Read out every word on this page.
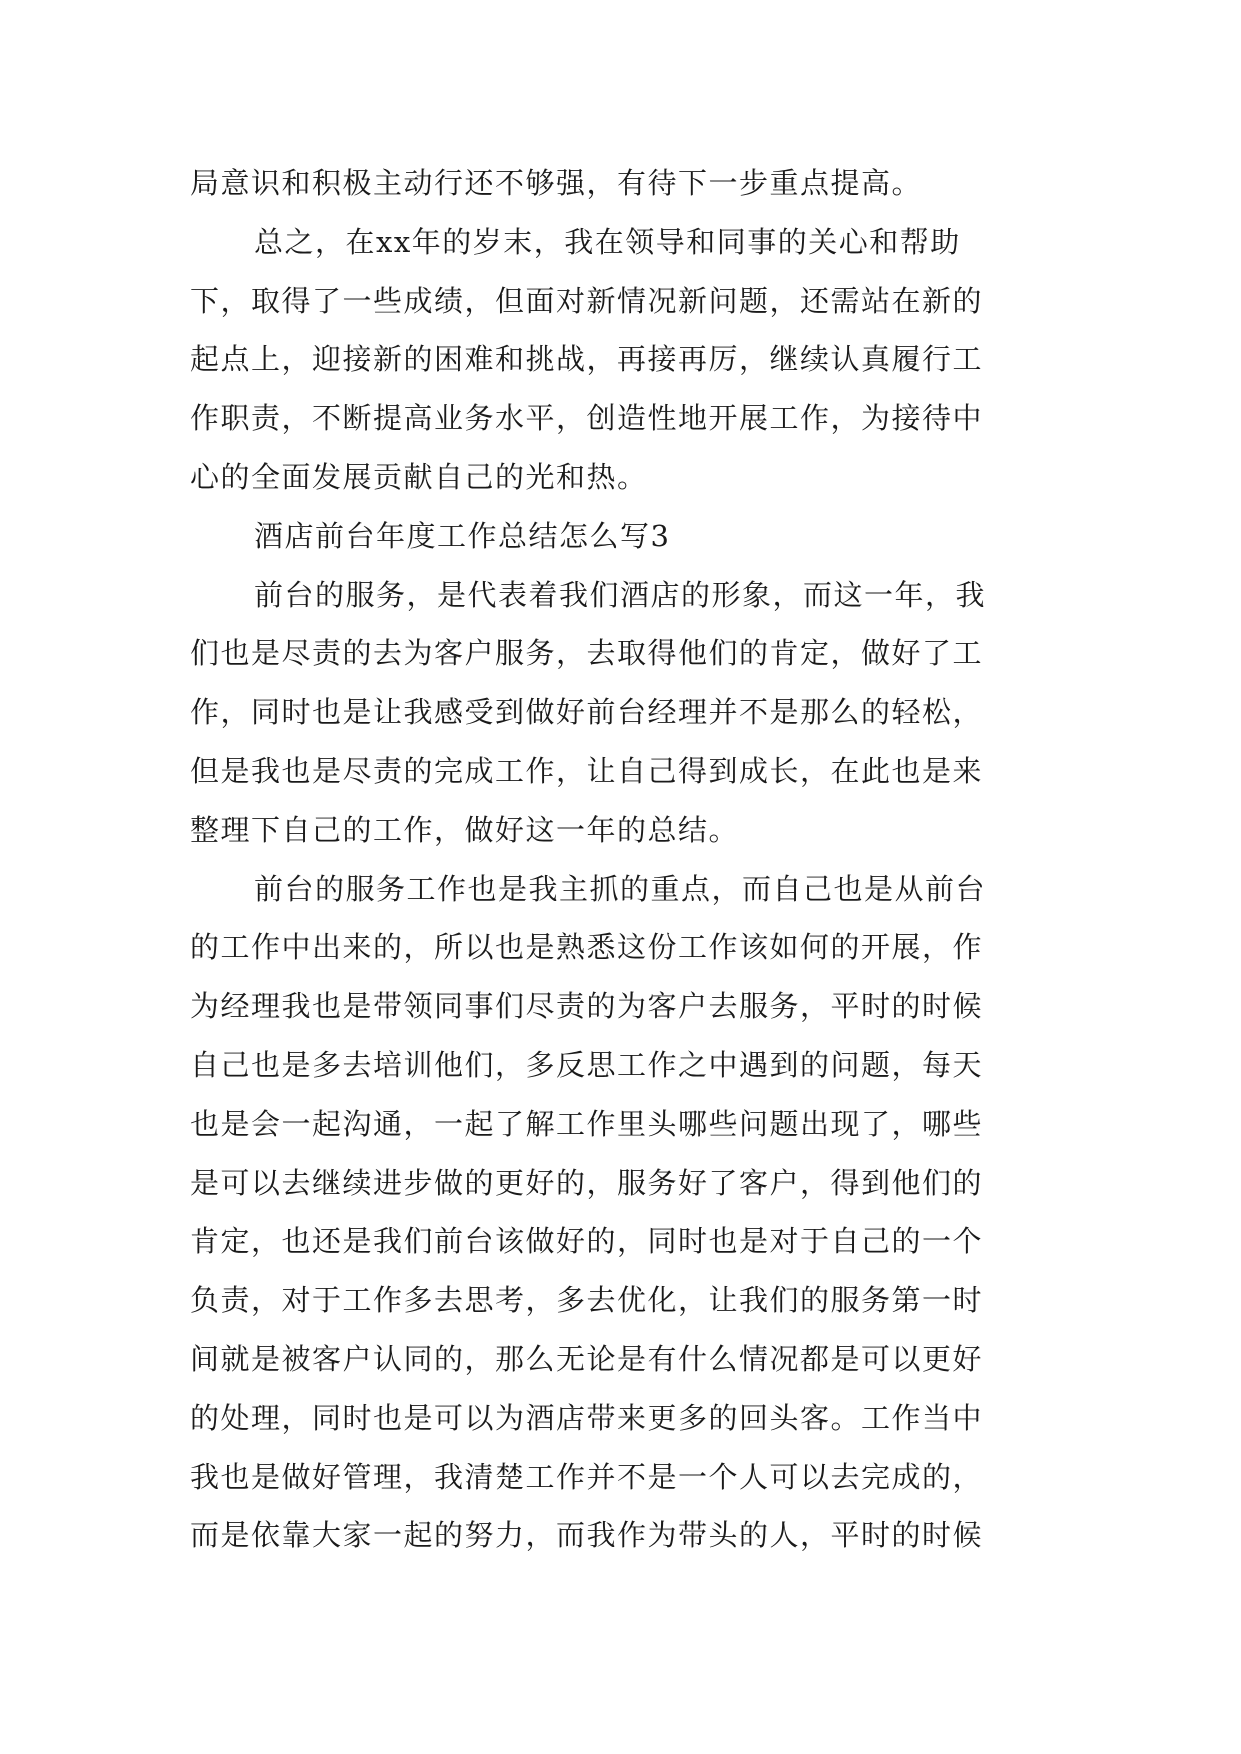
局意识和积极主动行还不够强，有待下一步重点提高。
总之，在xx年的岁末，我在领导和同事的关心和帮助
下，取得了一些成绩，但面对新情况新问题，还需站在新的
起点上，迎接新的困难和挑战，再接再厉，继续认真履行工
作职责，不断提高业务水平，创造性地开展工作，为接待中
心的全面发展贡献自己的光和热。
酒店前台年度工作总结怎么写3
前台的服务，是代表着我们酒店的形象，而这一年，我
们也是尽责的去为客户服务，去取得他们的肯定，做好了工
作，同时也是让我感受到做好前台经理并不是那么的轻松，
但是我也是尽责的完成工作，让自己得到成长，在此也是来
整理下自己的工作，做好这一年的总结。
前台的服务工作也是我主抓的重点，而自己也是从前台
的工作中出来的，所以也是熟悉这份工作该如何的开展，作
为经理我也是带领同事们尽责的为客户去服务，平时的时候
自己也是多去培训他们，多反思工作之中遇到的问题，每天
也是会一起沟通，一起了解工作里头哪些问题出现了，哪些
是可以去继续进步做的更好的，服务好了客户，得到他们的
肯定，也还是我们前台该做好的，同时也是对于自己的一个
负责，对于工作多去思考，多去优化，让我们的服务第一时
间就是被客户认同的，那么无论是有什么情况都是可以更好
的处理，同时也是可以为酒店带来更多的回头客。工作当中
我也是做好管理，我清楚工作并不是一个人可以去完成的，
而是依靠大家一起的努力，而我作为带头的人，平时的时候
